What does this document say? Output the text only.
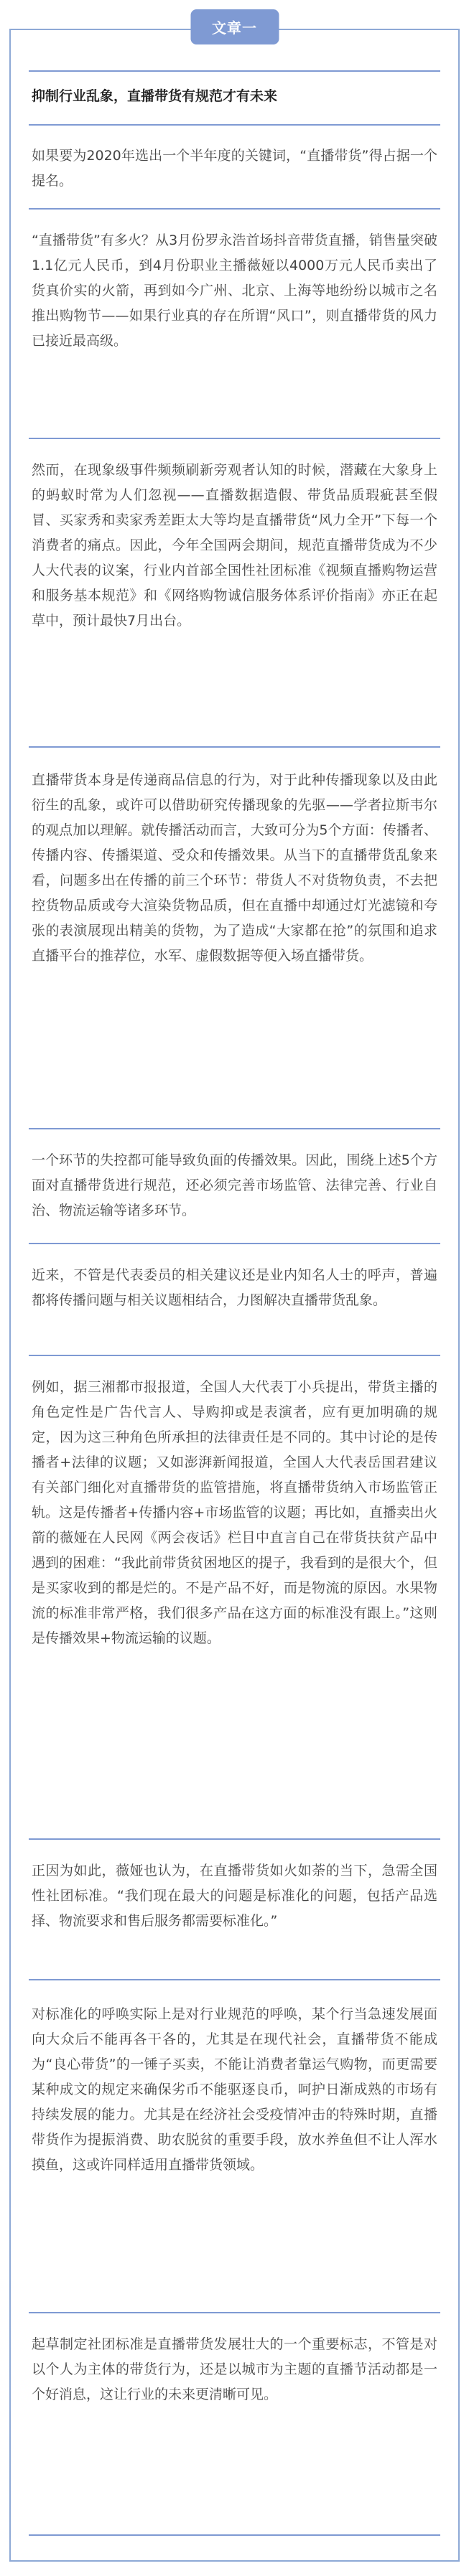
文章一
抑制行业乱象，直播带货有规范才有未来

如果要为2020年选出一个半年度的关键词，“直播带货”得占据一个提名。

“直播带货”有多火？从3月份罗永浩首场抖音带货直播，销售量突破1.1亿元人民币，到4月份职业主播薇娅以4000万元人民币卖出了货真价实的火箭，再到如今广州、北京、上海等地纷纷以城市之名推出购物节——如果行业真的存在所谓“风口”，则直播带货的风力已接近最高级。

然而，在现象级事件频频刷新旁观者认知的时候，潜藏在大象身上的蚂蚁时常为人们忽视——直播数据造假、带货品质瑕疵甚至假冒、买家秀和卖家秀差距太大等均是直播带货“风力全开”下每一个消费者的痛点。因此，今年全国两会期间，规范直播带货成为不少人大代表的议案，行业内首部全国性社团标准《视频直播购物运营和服务基本规范》和《网络购物诚信服务体系评价指南》亦正在起草中，预计最快7月出台。

直播带货本身是传递商品信息的行为，对于此种传播现象以及由此衍生的乱象，或许可以借助研究传播现象的先驱——学者拉斯韦尔的观点加以理解。就传播活动而言，大致可分为5个方面：传播者、传播内容、传播渠道、受众和传播效果。从当下的直播带货乱象来看，问题多出在传播的前三个环节：带货人不对货物负责，不去把控货物品质或夸大渲染货物品质，但在直播中却通过灯光滤镜和夸张的表演展现出精美的货物，为了造成“大家都在抢”的氛围和追求直播平台的推荐位，水军、虚假数据等便入场直播带货。

一个环节的失控都可能导致负面的传播效果。因此，围绕上述5个方面对直播带货进行规范，还必须完善市场监管、法律完善、行业自治、物流运输等诸多环节。

近来，不管是代表委员的相关建议还是业内知名人士的呼声，普遍都将传播问题与相关议题相结合，力图解决直播带货乱象。

例如，据三湘都市报报道，全国人大代表丁小兵提出，带货主播的角色定性是广告代言人、导购抑或是表演者，应有更加明确的规定，因为这三种角色所承担的法律责任是不同的。其中讨论的是传播者+法律的议题；又如澎湃新闻报道，全国人大代表岳国君建议有关部门细化对直播带货的监管措施，将直播带货纳入市场监管正轨。这是传播者+传播内容+市场监管的议题；再比如，直播卖出火箭的薇娅在人民网《两会夜话》栏目中直言自己在带货扶贫产品中遇到的困难：“我此前带货贫困地区的提子，我看到的是很大个，但是买家收到的都是烂的。不是产品不好，而是物流的原因。水果物流的标准非常严格，我们很多产品在这方面的标准没有跟上。”这则是传播效果+物流运输的议题。

正因为如此，薇娅也认为，在直播带货如火如荼的当下，急需全国性社团标准。“我们现在最大的问题是标准化的问题，包括产品选择、物流要求和售后服务都需要标准化。”

对标准化的呼唤实际上是对行业规范的呼唤，某个行当急速发展面向大众后不能再各干各的，尤其是在现代社会，直播带货不能成为“良心带货”的一锤子买卖，不能让消费者靠运气购物，而更需要某种成文的规定来确保劣币不能驱逐良币，呵护日渐成熟的市场有持续发展的能力。尤其是在经济社会受疫情冲击的特殊时期，直播带货作为提振消费、助农脱贫的重要手段，放水养鱼但不让人浑水摸鱼，这或许同样适用直播带货领域。

起草制定社团标准是直播带货发展壮大的一个重要标志，不管是对以个人为主体的带货行为，还是以城市为主题的直播节活动都是一个好消息，这让行业的未来更清晰可见。
